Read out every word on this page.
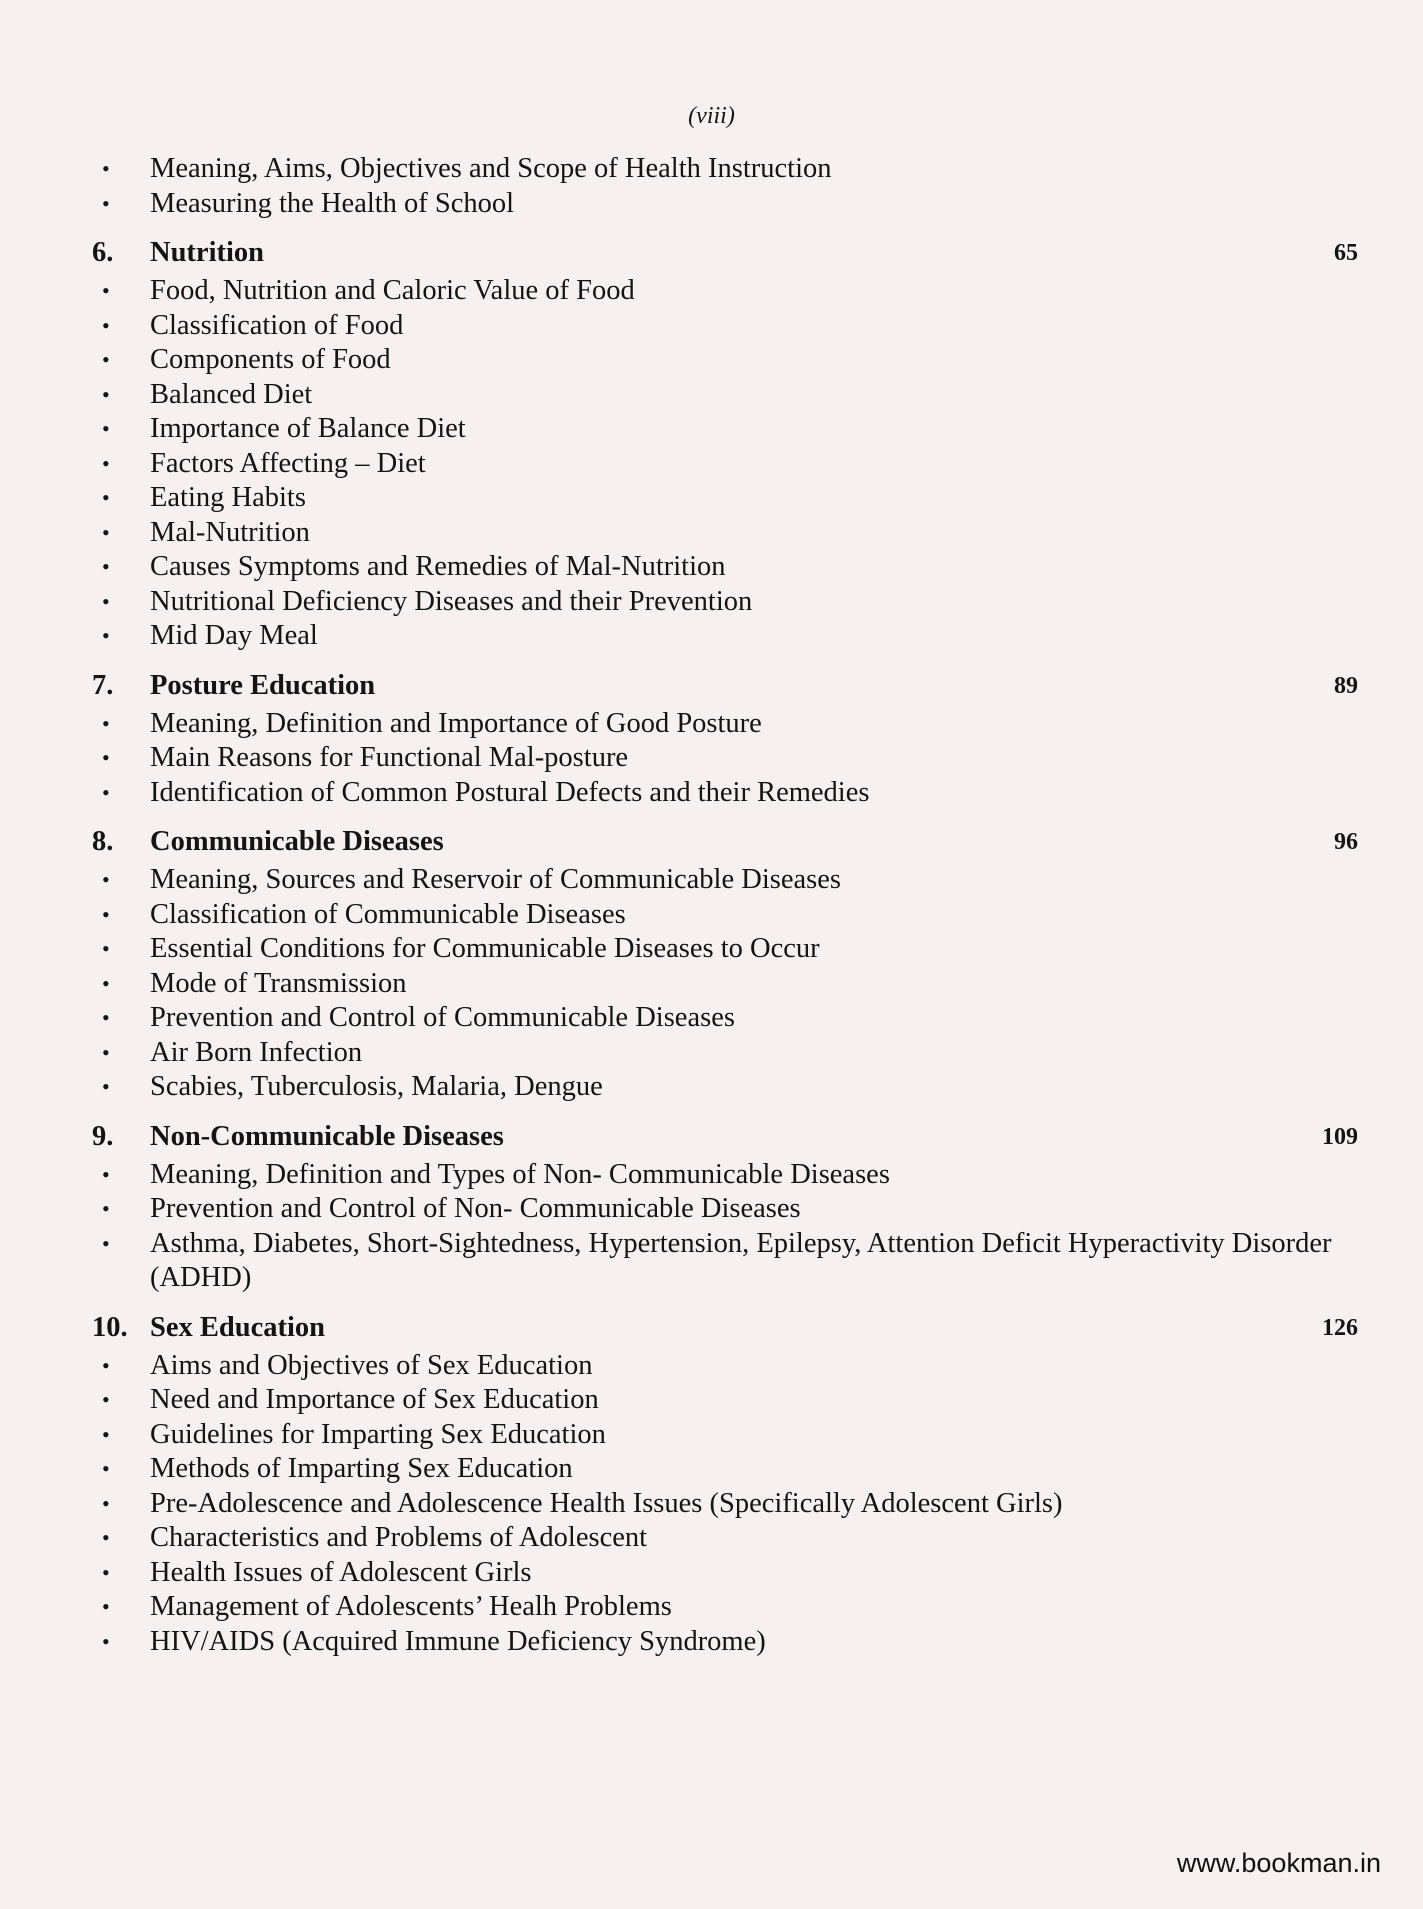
(viii)
• Meaning, Aims, Objectives and Scope of Health Instruction
• Measuring the Health of School
6. Nutrition	65
• Food, Nutrition and Caloric Value of Food
• Classification of Food
• Components of Food
• Balanced Diet
• Importance of Balance Diet
• Factors Affecting – Diet
• Eating Habits
• Mal-Nutrition
• Causes Symptoms and Remedies of Mal-Nutrition
• Nutritional Deficiency Diseases and their Prevention
• Mid Day Meal
7. Posture Education	89
• Meaning, Definition and Importance of Good Posture
• Main Reasons for Functional Mal-posture
• Identification of Common Postural Defects and their Remedies
8. Communicable Diseases	96
• Meaning, Sources and Reservoir of Communicable Diseases
• Classification of Communicable Diseases
• Essential Conditions for Communicable Diseases to Occur
• Mode of Transmission
• Prevention and Control of Communicable Diseases
• Air Born Infection
• Scabies, Tuberculosis, Malaria, Dengue
9. Non-Communicable Diseases	109
• Meaning, Definition and Types of Non- Communicable Diseases
• Prevention and Control of Non- Communicable Diseases
• Asthma, Diabetes, Short-Sightedness, Hypertension, Epilepsy, Attention Deficit Hyperactivity Disorder (ADHD)
10. Sex Education	126
• Aims and Objectives of Sex Education
• Need and Importance of Sex Education
• Guidelines for Imparting Sex Education
• Methods of Imparting Sex Education
• Pre-Adolescence and Adolescence Health Issues (Specifically Adolescent Girls)
• Characteristics and Problems of Adolescent
• Health Issues of Adolescent Girls
• Management of Adolescents’ Healh Problems
• HIV/AIDS (Acquired Immune Deficiency Syndrome)
www.bookman.in
